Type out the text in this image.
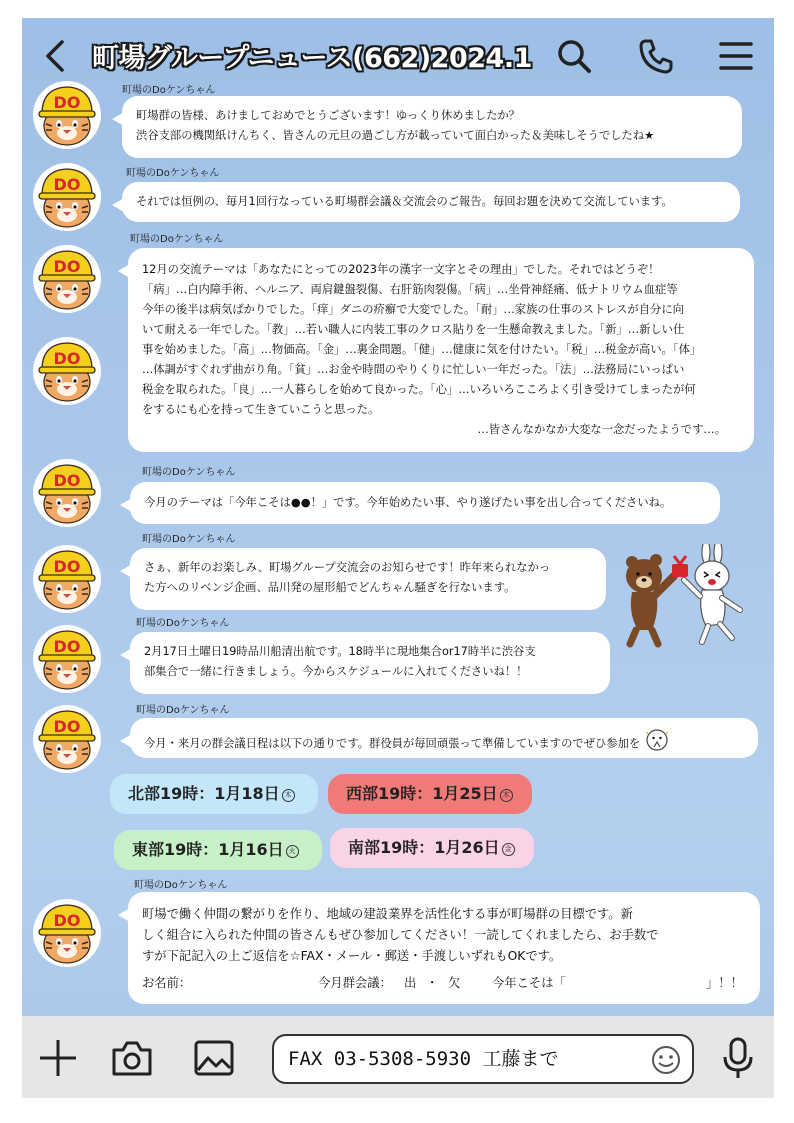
町場グループニュース(662)2024.1
DO
町場のDoケンちゃん
町場群の皆様、あけましておめでとうございます！ゆっくり休めましたか？
渋谷支部の機関紙けんちく、皆さんの元旦の過ごし方が載っていて面白かった＆美味しそうでしたね★
DO
町場のDoケンちゃん
それでは恒例の、毎月1回行なっている町場群会議＆交流会のご報告。毎回お題を決めて交流しています。
DO
DO
町場のDoケンちゃん
12月の交流テーマは「あなたにとっての2023年の漢字一文字とその理由」でした。それではどうぞ！
「病」…白内障手術、ヘルニア、両肩鍵盤裂傷、右肝筋肉裂傷。「病」…坐骨神経痛、低ナトリウム血症等
今年の後半は病気ばかりでした。「痒」ダニの疥癬で大変でした。「耐」…家族の仕事のストレスが自分に向
いて耐える一年でした。「教」…若い職人に内装工事のクロス貼りを一生懸命教えました。「新」…新しい仕
事を始めました。「高」…物価高。「金」…裏金問題。「健」…健康に気を付けたい。「税」…税金が高い。「体」
…体調がすぐれず曲がり角。「貧」…お金や時間のやりくりに忙しい一年だった。「法」…法務局にいっぱい
税金を取られた。「良」…一人暮らしを始めて良かった。「心」…いろいろこころよく引き受けてしまったが何
をするにも心を持って生きていこうと思った。
…皆さんなかなか大変な一念だったようです…。
DO	町場のDoケンちゃん
今月のテーマは「今年こそは●●！」です。今年始めたい事、やり遂げたい事を出し合ってくださいね。
DO
町場のDoケンちゃん
さぁ、新年のお楽しみ、町場グループ交流会のお知らせです！昨年来られなかっ
た方へのリベンジ企画、品川発の屋形船でどんちゃん騒ぎを行ないます。
DO
町場のDoケンちゃん
2月17日土曜日19時品川船清出航です。18時半に現地集合or17時半に渋谷支
部集合で一緒に行きましょう。今からスケジュールに入れてくださいね！！
DO
町場のDoケンちゃん
今月・来月の群会議日程は以下の通りです。群役員が毎回頑張って準備していますのでぜひ参加を
北部19時：1月18日 木	西部19時：1月25日 木
東部19時：1月16日 火	南部19時：1月26日 金
DO
町場のDoケンちゃん
町場で働く仲間の繋がりを作り、地域の建設業界を活性化する事が町場群の目標です。新
しく組合に入られた仲間の皆さんもぜひ参加してください！一読してくれましたら、お手数で
すが下記記入の上ご返信を☆FAX・メール・郵送・手渡しいずれもOKです。
お名前：	今月群会議： 出 ・ 欠	今年こそは「	」！！
FAX 03-5308-5930 工藤まで
